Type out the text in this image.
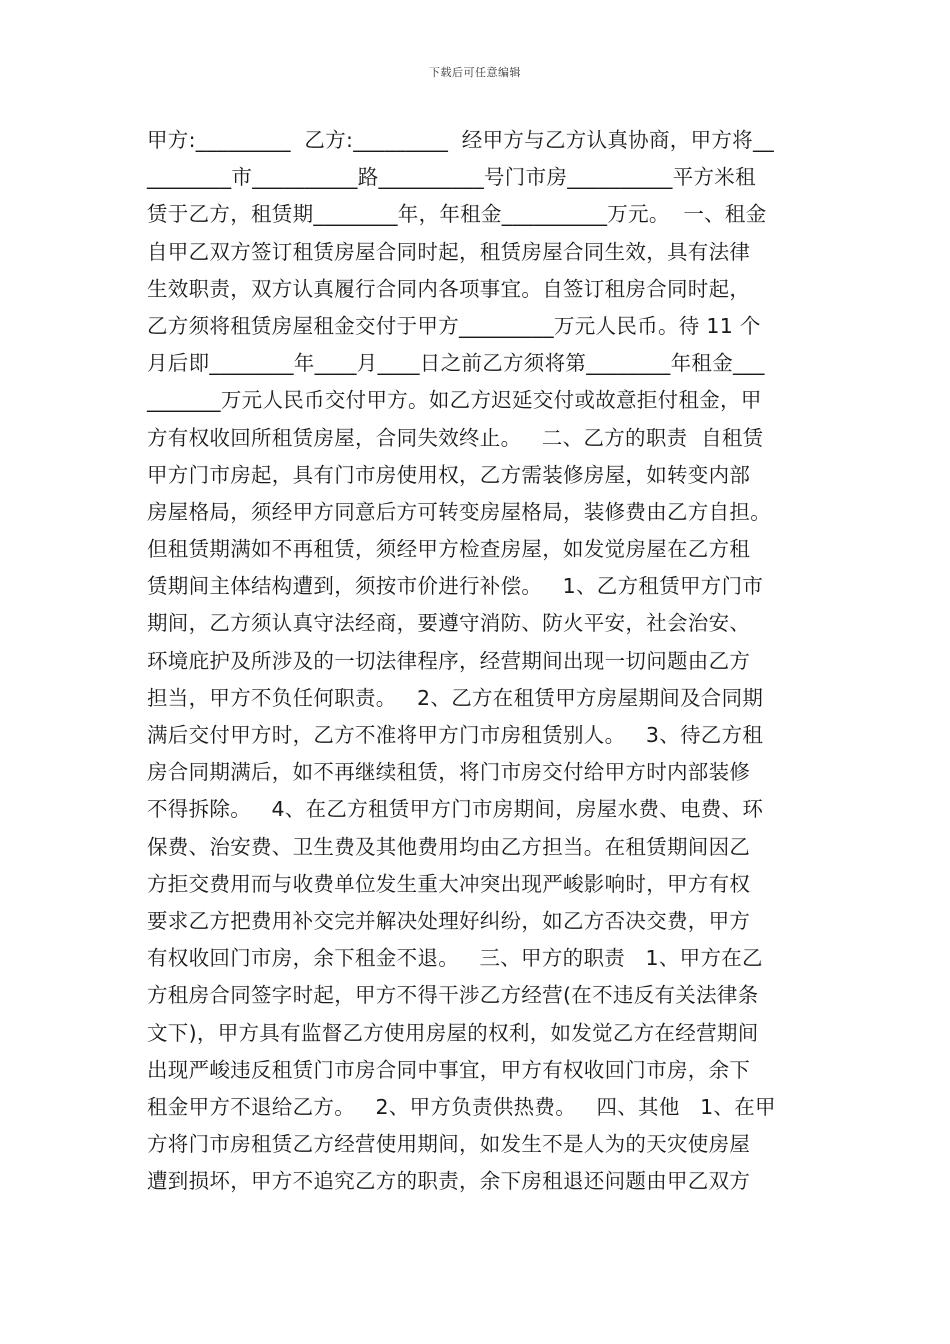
下载后可任意编辑
甲方:_________  乙方:_________  经甲方与乙方认真协商，甲方将__
________市__________路__________号门市房__________平方米租
赁于乙方，租赁期________年，年租金__________万元。  一、租金
自甲乙双方签订租赁房屋合同时起，租赁房屋合同生效，具有法律
生效职责，双方认真履行合同内各项事宜。自签订租房合同时起，
乙方须将租赁房屋租金交付于甲方_________万元人民币。待 11 个
月后即________年____月____日之前乙方须将第________年租金___
_______万元人民币交付甲方。如乙方迟延交付或故意拒付租金，甲
方有权收回所租赁房屋，合同失效终止。   二、乙方的职责  自租赁
甲方门市房起，具有门市房使用权，乙方需装修房屋，如转变内部
房屋格局，须经甲方同意后方可转变房屋格局，装修费由乙方自担。
但租赁期满如不再租赁，须经甲方检查房屋，如发觉房屋在乙方租
赁期间主体结构遭到，须按市价进行补偿。   1、乙方租赁甲方门市
期间，乙方须认真守法经商，要遵守消防、防火平安，社会治安、
环境庇护及所涉及的一切法律程序，经营期间出现一切问题由乙方
担当，甲方不负任何职责。   2、乙方在租赁甲方房屋期间及合同期
满后交付甲方时，乙方不准将甲方门市房租赁别人。   3、待乙方租
房合同期满后，如不再继续租赁，将门市房交付给甲方时内部装修
不得拆除。   4、在乙方租赁甲方门市房期间，房屋水费、电费、环
保费、治安费、卫生费及其他费用均由乙方担当。在租赁期间因乙
方拒交费用而与收费单位发生重大冲突出现严峻影响时，甲方有权
要求乙方把费用补交完并解决处理好纠纷，如乙方否决交费，甲方
有权收回门市房，余下租金不退。   三、甲方的职责   1、甲方在乙
方租房合同签字时起，甲方不得干涉乙方经营(在不违反有关法律条
文下)，甲方具有监督乙方使用房屋的权利，如发觉乙方在经营期间
出现严峻违反租赁门市房合同中事宜，甲方有权收回门市房，余下
租金甲方不退给乙方。   2、甲方负责供热费。   四、其他   1、在甲
方将门市房租赁乙方经营使用期间，如发生不是人为的天灾使房屋
遭到损坏，甲方不追究乙方的职责，余下房租退还问题由甲乙双方
